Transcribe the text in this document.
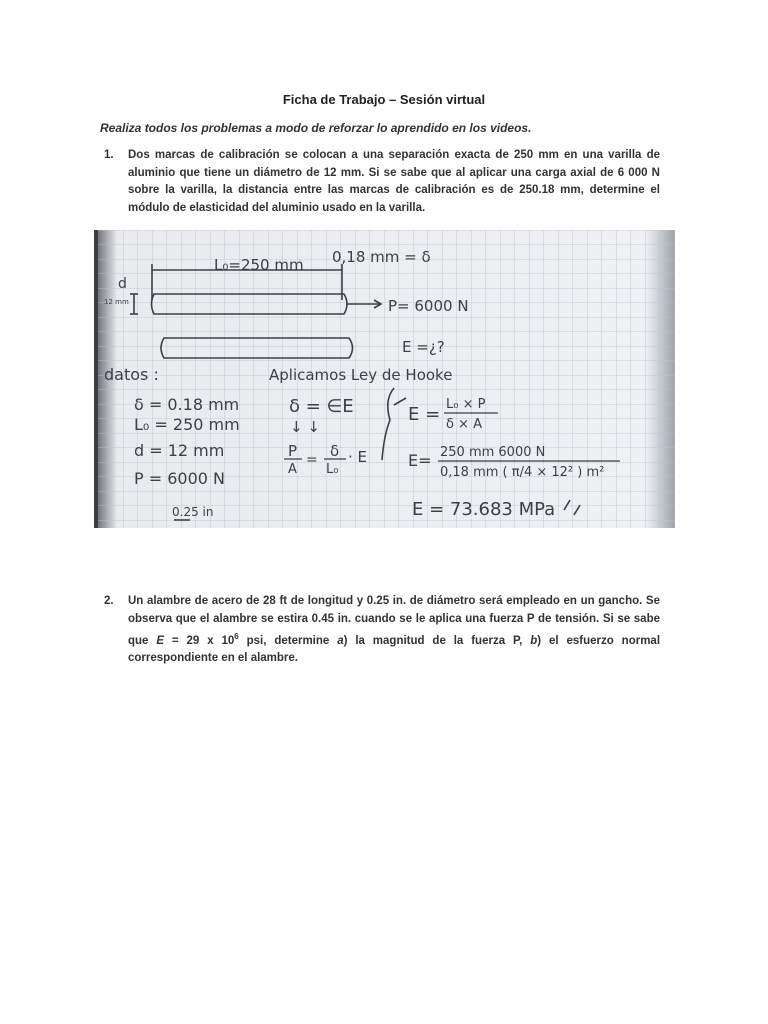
Ficha de Trabajo – Sesión virtual
Realiza todos los problemas a modo de reforzar lo aprendido en los videos.
1. Dos marcas de calibración se colocan a una separación exacta de 250 mm en una varilla de aluminio que tiene un diámetro de 12 mm. Si se sabe que al aplicar una carga axial de 6 000 N sobre la varilla, la distancia entre las marcas de calibración es de 250.18 mm, determine el módulo de elasticidad del aluminio usado en la varilla.
0,18 mm = δ
d
12 mm
L₀=250 mm
P= 6000 N
E =¿?
datos :	Aplicamos Ley de Hooke
δ = 0.18 mm
L₀ = 250 mm
d = 12 mm
P = 6000 N
δ = ∈E
↓ ↓
P
A
= δ
L₀
· E
E = L₀ × P
δ × A
E= 250 mm 6000 N
0,18 mm ( π/4 × 12² ) m²
E = 73.683 MPa
0.25 in
2. Un alambre de acero de 28 ft de longitud y 0.25 in. de diámetro será empleado en un gancho. Se observa que el alambre se estira 0.45 in. cuando se le aplica una fuerza P de tensión. Si se sabe que E = 29 x $10^6$ psi, determine a) la magnitud de la fuerza P, b) el esfuerzo normal correspondiente en el alambre.
